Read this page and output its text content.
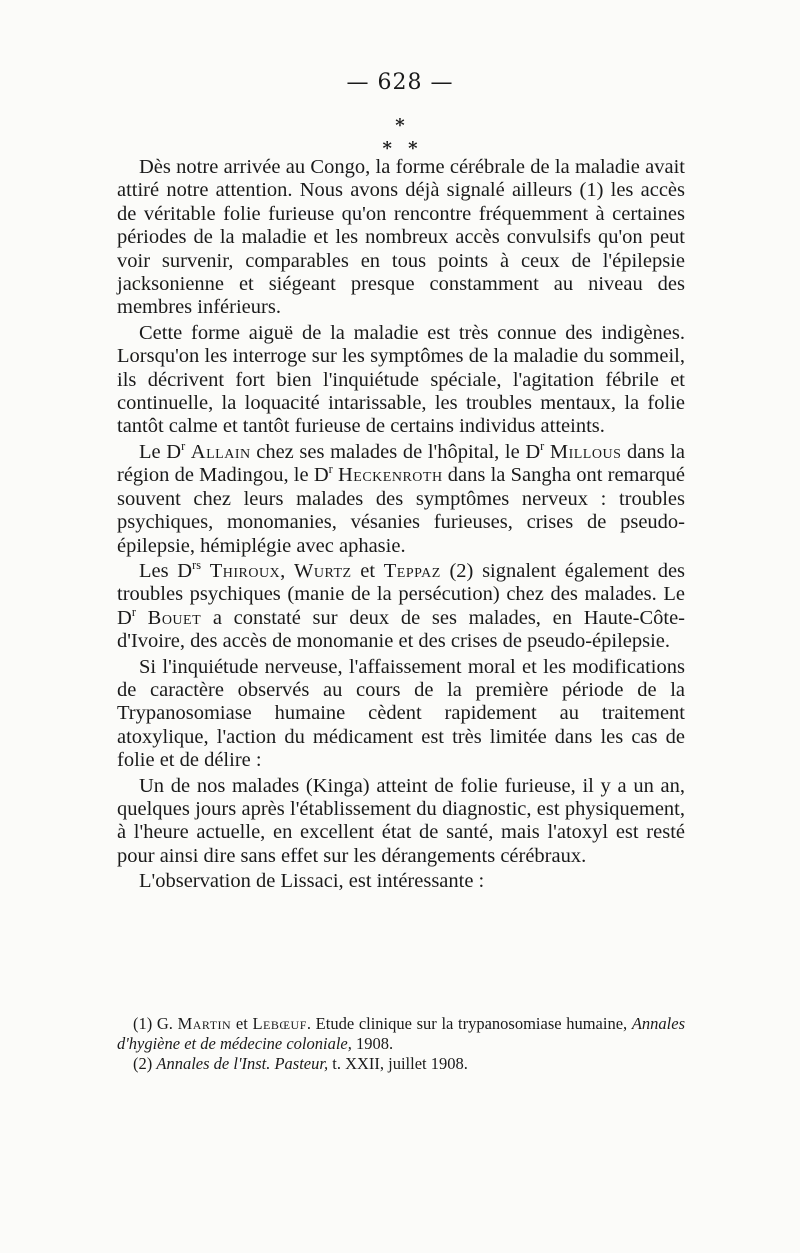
— 628 —
*
* *

Dès notre arrivée au Congo, la forme cérébrale de la maladie avait attiré notre attention. Nous avons déjà signalé ailleurs (1) les accès de véritable folie furieuse qu'on rencontre fréquemment à certaines périodes de la maladie et les nombreux accès convulsifs qu'on peut voir survenir, comparables en tous points à ceux de l'épilepsie jacksonienne et siégeant presque constamment au niveau des membres inférieurs.

Cette forme aiguë de la maladie est très connue des indigènes. Lorsqu'on les interroge sur les symptômes de la maladie du sommeil, ils décrivent fort bien l'inquiétude spéciale, l'agitation fébrile et continuelle, la loquacité intarissable, les troubles mentaux, la folie tantôt calme et tantôt furieuse de certains individus atteints.

Le $D^r$ Allain chez ses malades de l'hôpital, le $D^r$ Millous dans la région de Madingou, le $D^r$ Heckenroth dans la Sangha ont remarqué souvent chez leurs malades des symptômes nerveux : troubles psychiques, monomanies, vésanies furieuses, crises de pseudo-épilepsie, hémiplégie avec aphasie.

Les $D^{rs}$ Thiroux, Wurtz et Teppaz (2) signalent également des troubles psychiques (manie de la persécution) chez des malades. Le $D^r$ Bouet a constaté sur deux de ses malades, en Haute-Côte-d'Ivoire, des accès de monomanie et des crises de pseudo-épilepsie.

Si l'inquiétude nerveuse, l'affaissement moral et les modifications de caractère observés au cours de la première période de la Trypanosomiase humaine cèdent rapidement au traitement atoxylique, l'action du médicament est très limitée dans les cas de folie et de délire :

Un de nos malades (Kinga) atteint de folie furieuse, il y a un an, quelques jours après l'établissement du diagnostic, est physiquement, à l'heure actuelle, en excellent état de santé, mais l'atoxyl est resté pour ainsi dire sans effet sur les dérangements cérébraux.

L'observation de Lissaci, est intéressante :

(1) G. Martin et Lebœuf. Etude clinique sur la trypanosomiase humaine, Annales d'hygiène et de médecine coloniale, 1908.

(2) Annales de l'Inst. Pasteur, t. XXII, juillet 1908.
